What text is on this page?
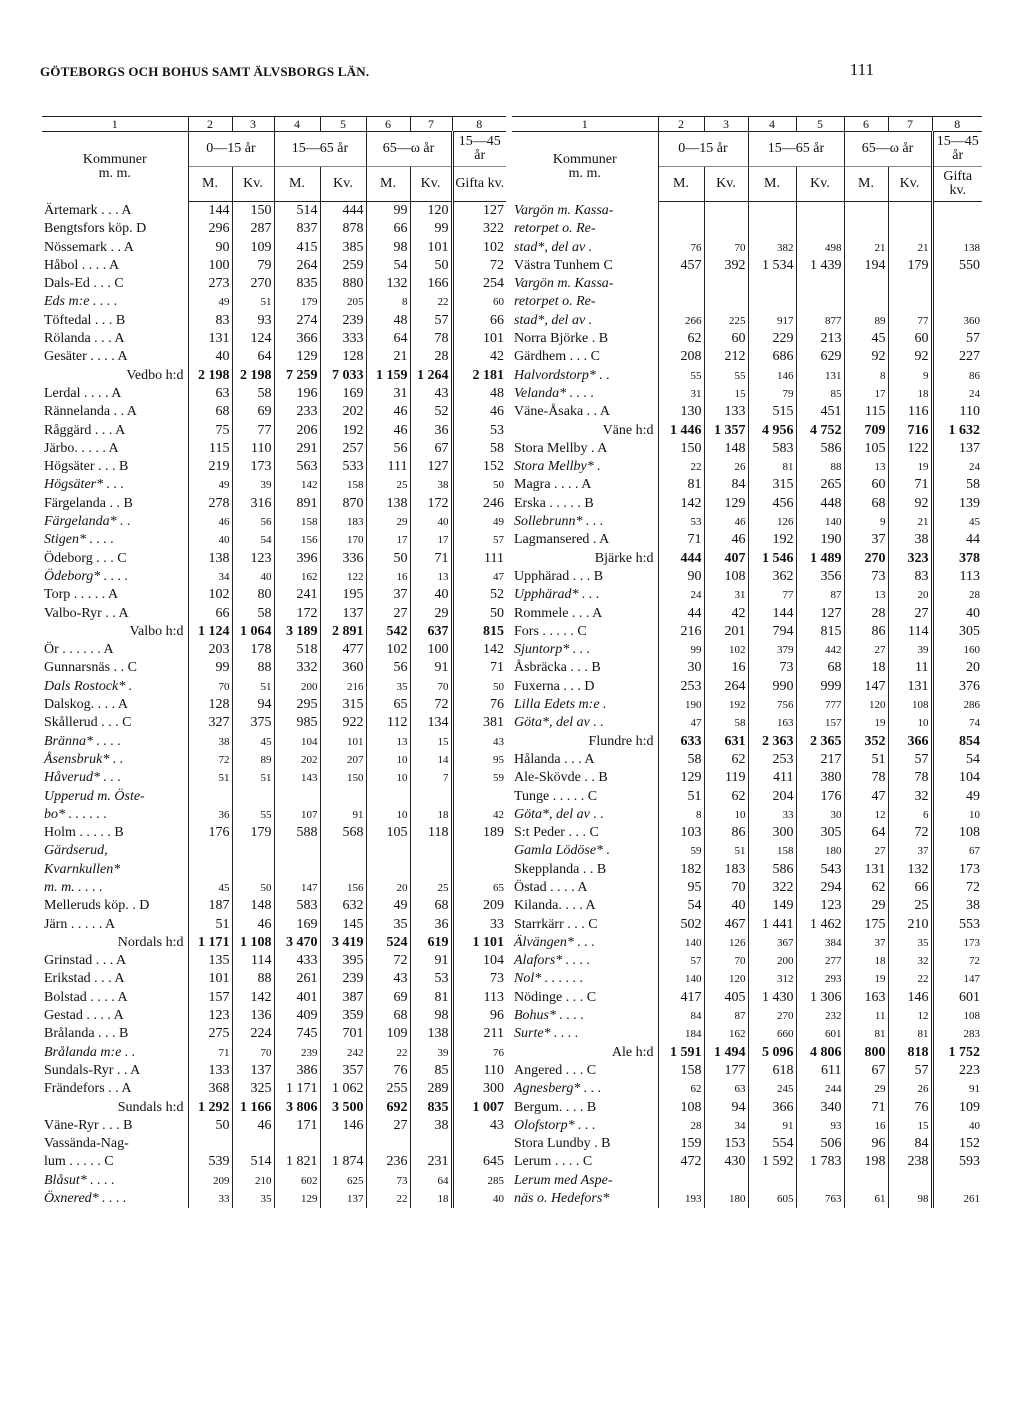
GÖTEBORGS OCH BOHUS SAMT ÄLVSBORGS LÄN.	111
1	2	3	4	5	6	7	8

Kommuner
m. m.	0—15 år		15—65 år		65—ω år		15—45 år
	M.	Kv.	M.	Kv.	M.	Kv.	Gifta kv.
Ärtemark . . . A	144	150	514	444	99	120	127
Bengtsfors köp. D	296	287	837	878	66	99	322
Nössemark . . A	90	109	415	385	98	101	102
Håbol . . . . A	100	79	264	259	54	50	72
Dals-Ed . . . C	273	270	835	880	132	166	254
Eds m:e . . . .	49	51	179	205	8	22	60
Töftedal . . . B	83	93	274	239	48	57	66
Rölanda . . . A	131	124	366	333	64	78	101
Gesäter . . . . A	40	64	129	128	21	28	42
Vedbo h:d	2 198	2 198	7 259	7 033	1 159	1 264	2 181
Lerdal . . . . A	63	58	196	169	31	43	48
Rännelanda . . A	68	69	233	202	46	52	46
Råggärd . . . A	75	77	206	192	46	36	53
Järbo. . . . . A	115	110	291	257	56	67	58
Högsäter . . . B	219	173	563	533	111	127	152
Högsäter* . . .	49	39	142	158	25	38	50
Färgelanda . . B	278	316	891	870	138	172	246
Färgelanda* . .	46	56	158	183	29	40	49
Stigen* . . . .	40	54	156	170	17	17	57
Ödeborg . . . C	138	123	396	336	50	71	111
Ödeborg* . . . .	34	40	162	122	16	13	47
Torp . . . . . A	102	80	241	195	37	40	52
Valbo-Ryr . . A	66	58	172	137	27	29	50
Valbo h:d	1 124	1 064	3 189	2 891	542	637	815
Ör . . . . . . A	203	178	518	477	102	100	142
Gunnarsnäs . . C	99	88	332	360	56	91	71
Dals Rostock* .	70	51	200	216	35	70	50
Dalskog. . . . A	128	94	295	315	65	72	76
Skållerud . . . C	327	375	985	922	112	134	381
Bränna* . . . .	38	45	104	101	13	15	43
Åsensbruk* . .	72	89	202	207	10	14	95
Håverud* . . .	51	51	143	150	10	7	59
Upperud m. Öste-							
bo* . . . . . .	36	55	107	91	10	18	42
Holm . . . . . B	176	179	588	568	105	118	189
Gärdserud,							
Kvarnkullen*							
m. m. . . . .	45	50	147	156	20	25	65
Melleruds köp. . D	187	148	583	632	49	68	209
Järn . . . . . A	51	46	169	145	35	36	33
Nordals h:d	1 171	1 108	3 470	3 419	524	619	1 101
Grinstad . . . A	135	114	433	395	72	91	104
Erikstad . . . A	101	88	261	239	43	53	73
Bolstad . . . . A	157	142	401	387	69	81	113
Gestad . . . . A	123	136	409	359	68	98	96
Brålanda . . . B	275	224	745	701	109	138	211
Brålanda m:e . .	71	70	239	242	22	39	76
Sundals-Ryr . . A	133	137	386	357	76	85	110
Frändefors . . A	368	325	1 171	1 062	255	289	300
Sundals h:d	1 292	1 166	3 806	3 500	692	835	1 007
Väne-Ryr . . . B	50	46	171	146	27	38	43
Vassända-Nag-							
lum . . . . . C	539	514	1 821	1 874	236	231	645
Blåsut* . . . .	209	210	602	625	73	64	285
Öxnered* . . . .	33	35	129	137	22	18	40
1	2	3	4	5	6	7	8

Kommuner
m. m.	0—15 år		15—65 år		65—ω år		15—45 år
	M.	Kv.	M.	Kv.	M.	Kv.	Gifta kv.
Vargön m. Kassa-							
retorpet o. Re-							
stad*, del av .	76	70	382	498	21	21	138
Västra Tunhem C	457	392	1 534	1 439	194	179	550
Vargön m. Kassa-							
retorpet o. Re-							
stad*, del av .	266	225	917	877	89	77	360
Norra Björke . B	62	60	229	213	45	60	57
Gärdhem . . . C	208	212	686	629	92	92	227
Halvordstorp* . .	55	55	146	131	8	9	86
Velanda* . . . .	31	15	79	85	17	18	24
Väne-Åsaka . . A	130	133	515	451	115	116	110
Väne h:d	1 446	1 357	4 956	4 752	709	716	1 632
Stora Mellby . A	150	148	583	586	105	122	137
Stora Mellby* .	22	26	81	88	13	19	24
Magra . . . . A	81	84	315	265	60	71	58
Erska . . . . . B	142	129	456	448	68	92	139
Sollebrunn* . . .	53	46	126	140	9	21	45
Lagmansered . A	71	46	192	190	37	38	44
Bjärke h:d	444	407	1 546	1 489	270	323	378
Upphärad . . . B	90	108	362	356	73	83	113
Upphärad* . . .	24	31	77	87	13	20	28
Rommele . . . A	44	42	144	127	28	27	40
Fors . . . . . C	216	201	794	815	86	114	305
Sjuntorp* . . .	99	102	379	442	27	39	160
Åsbräcka . . . B	30	16	73	68	18	11	20
Fuxerna . . . D	253	264	990	999	147	131	376
Lilla Edets m:e .	190	192	756	777	120	108	286
Göta*, del av . .	47	58	163	157	19	10	74
Flundre h:d	633	631	2 363	2 365	352	366	854
Hålanda . . . A	58	62	253	217	51	57	54
Ale-Skövde . . B	129	119	411	380	78	78	104
Tunge . . . . . C	51	62	204	176	47	32	49
Göta*, del av . .	8	10	33	30	12	6	10
S:t Peder . . . C	103	86	300	305	64	72	108
Gamla Lödöse* .	59	51	158	180	27	37	67
Skepplanda . . B	182	183	586	543	131	132	173
Östad . . . . A	95	70	322	294	62	66	72
Kilanda. . . . A	54	40	149	123	29	25	38
Starrkärr . . . C	502	467	1 441	1 462	175	210	553
Älvängen* . . .	140	126	367	384	37	35	173
Alafors* . . . .	57	70	200	277	18	32	72
Nol* . . . . . .	140	120	312	293	19	22	147
Nödinge . . . C	417	405	1 430	1 306	163	146	601
Bohus* . . . .	84	87	270	232	11	12	108
Surte* . . . .	184	162	660	601	81	81	283
Ale h:d	1 591	1 494	5 096	4 806	800	818	1 752
Angered . . . C	158	177	618	611	67	57	223
Agnesberg* . . .	62	63	245	244	29	26	91
Bergum. . . . B	108	94	366	340	71	76	109
Olofstorp* . . .	28	34	91	93	16	15	40
Stora Lundby . B	159	153	554	506	96	84	152
Lerum . . . . C	472	430	1 592	1 783	198	238	593
Lerum med Aspe-							
näs o. Hedefors*	193	180	605	763	61	98	261
